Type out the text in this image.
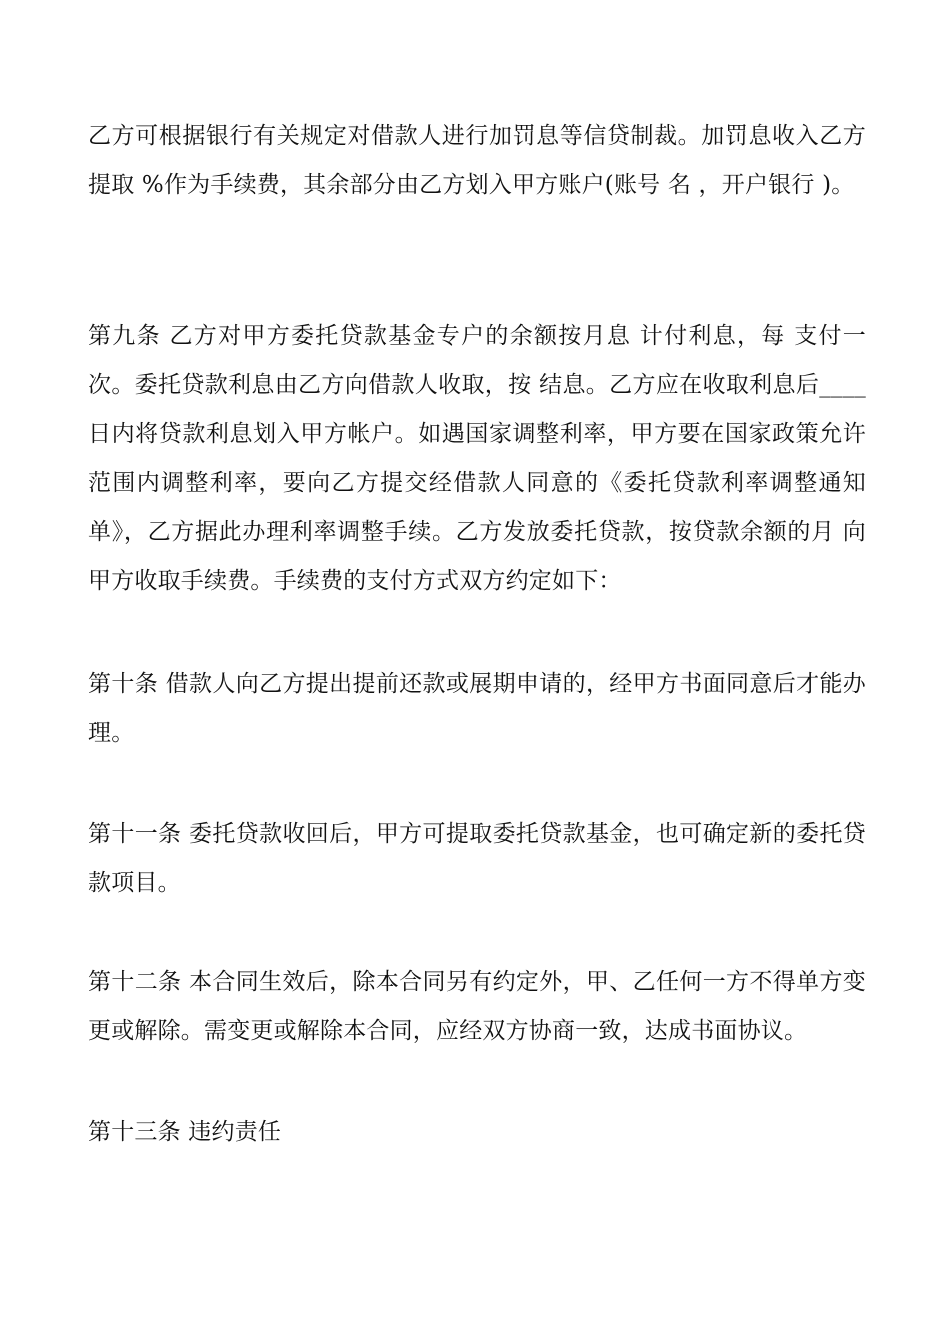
乙方可根据银行有关规定对借款人进行加罚息等信贷制裁。加罚息收入乙方提取 %作为手续费，其余部分由乙方划入甲方账户(账号 名 ，开户银行 )。

第九条 乙方对甲方委托贷款基金专户的余额按月息 计付利息，每 支付一次。委托贷款利息由乙方向借款人收取，按 结息。乙方应在收取利息后____日内将贷款利息划入甲方帐户。如遇国家调整利率，甲方要在国家政策允许范围内调整利率，要向乙方提交经借款人同意的《委托贷款利率调整通知单》，乙方据此办理利率调整手续。乙方发放委托贷款，按贷款余额的月 向甲方收取手续费。手续费的支付方式双方约定如下：

第十条 借款人向乙方提出提前还款或展期申请的，经甲方书面同意后才能办理。

第十一条 委托贷款收回后，甲方可提取委托贷款基金，也可确定新的委托贷款项目。

第十二条 本合同生效后，除本合同另有约定外，甲、乙任何一方不得单方变更或解除。需变更或解除本合同，应经双方协商一致，达成书面协议。

第十三条 违约责任
